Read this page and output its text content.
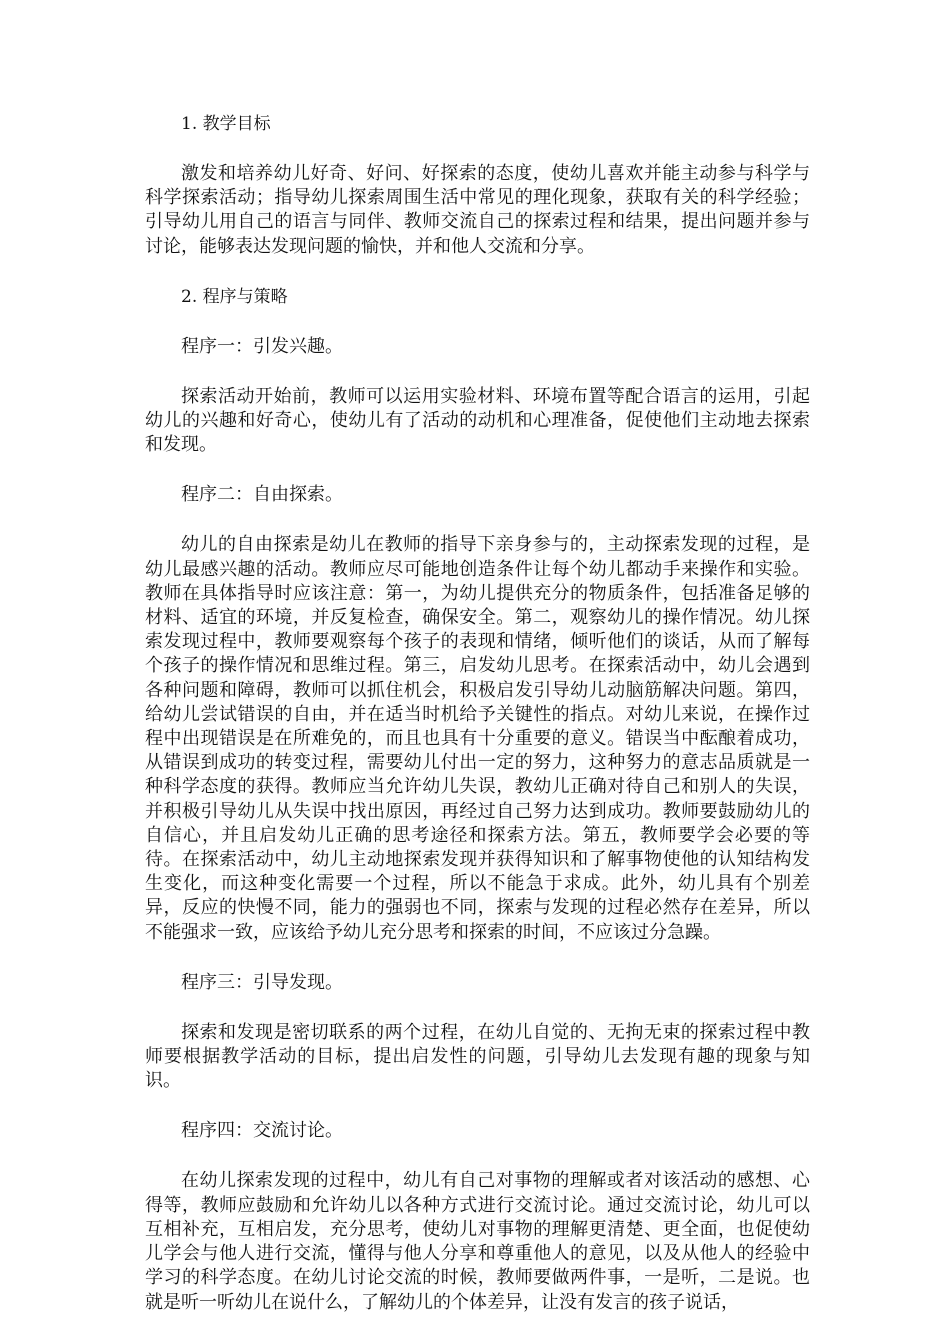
1. 教学目标

激发和培养幼儿好奇、好问、好探索的态度，使幼儿喜欢并能主动参与科学与科学探索活动；指导幼儿探索周围生活中常见的理化现象，获取有关的科学经验；引导幼儿用自己的语言与同伴、教师交流自己的探索过程和结果，提出问题并参与讨论，能够表达发现问题的愉快，并和他人交流和分享。

2. 程序与策略
程序一：引发兴趣。

探索活动开始前，教师可以运用实验材料、环境布置等配合语言的运用，引起幼儿的兴趣和好奇心，使幼儿有了活动的动机和心理准备，促使他们主动地去探索和发现。

程序二：自由探索。

幼儿的自由探索是幼儿在教师的指导下亲身参与的，主动探索发现的过程，是幼儿最感兴趣的活动。教师应尽可能地创造条件让每个幼儿都动手来操作和实验。教师在具体指导时应该注意：第一，为幼儿提供充分的物质条件，包括准备足够的材料、适宜的环境，并反复检查，确保安全。第二，观察幼儿的操作情况。幼儿探索发现过程中，教师要观察每个孩子的表现和情绪，倾听他们的谈话，从而了解每个孩子的操作情况和思维过程。第三，启发幼儿思考。在探索活动中，幼儿会遇到各种问题和障碍，教师可以抓住机会，积极启发引导幼儿动脑筋解决问题。第四，给幼儿尝试错误的自由，并在适当时机给予关键性的指点。对幼儿来说，在操作过程中出现错误是在所难免的，而且也具有十分重要的意义。错误当中酝酿着成功，从错误到成功的转变过程，需要幼儿付出一定的努力，这种努力的意志品质就是一种科学态度的获得。教师应当允许幼儿失误，教幼儿正确对待自己和别人的失误，并积极引导幼儿从失误中找出原因，再经过自己努力达到成功。教师要鼓励幼儿的自信心，并且启发幼儿正确的思考途径和探索方法。第五，教师要学会必要的等待。在探索活动中，幼儿主动地探索发现并获得知识和了解事物使他的认知结构发生变化，而这种变化需要一个过程，所以不能急于求成。此外，幼儿具有个别差异，反应的快慢不同，能力的强弱也不同，探索与发现的过程必然存在差异，所以不能强求一致，应该给予幼儿充分思考和探索的时间，不应该过分急躁。

程序三：引导发现。

探索和发现是密切联系的两个过程，在幼儿自觉的、无拘无束的探索过程中教师要根据教学活动的目标，提出启发性的问题，引导幼儿去发现有趣的现象与知识。

程序四：交流讨论。

在幼儿探索发现的过程中，幼儿有自己对事物的理解或者对该活动的感想、心得等，教师应鼓励和允许幼儿以各种方式进行交流讨论。通过交流讨论，幼儿可以互相补充，互相启发，充分思考，使幼儿对事物的理解更清楚、更全面，也促使幼儿学会与他人进行交流，懂得与他人分享和尊重他人的意见，以及从他人的经验中学习的科学态度。在幼儿讨论交流的时候，教师要做两件事，一是听，二是说。也就是听一听幼儿在说什么，了解幼儿的个体差异，让没有发言的孩子说话，
